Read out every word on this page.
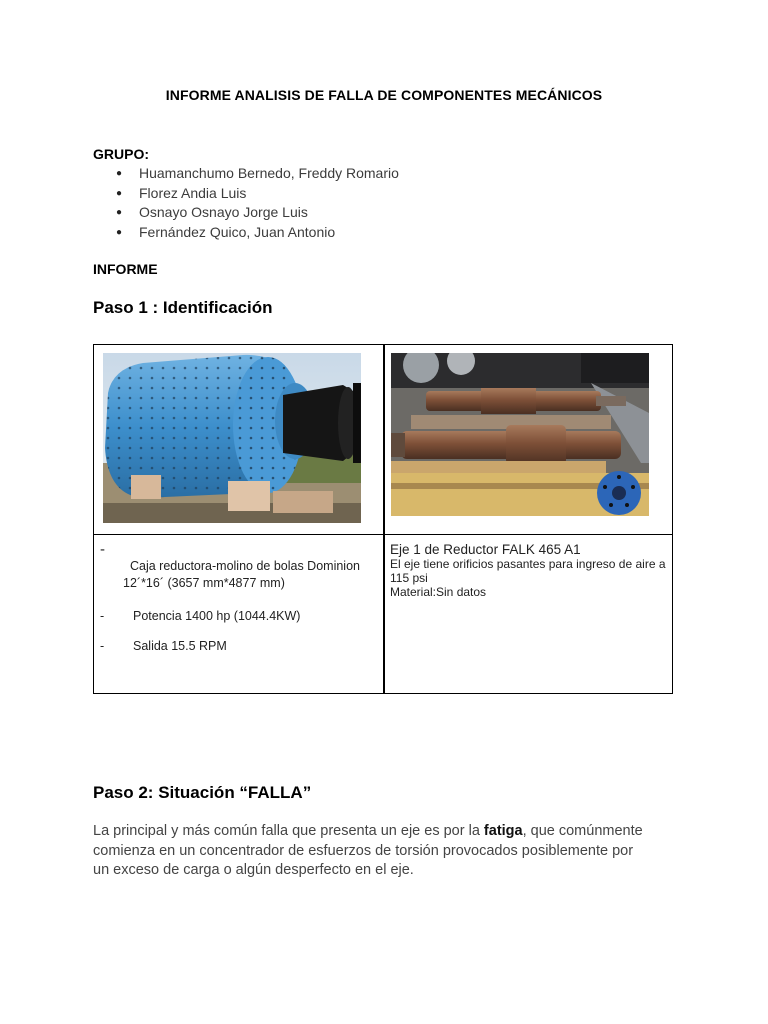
INFORME ANALISIS DE FALLA DE COMPONENTES MECÁNICOS
GRUPO:
● Huamanchumo Bernedo, Freddy Romario
● Florez Andia Luis
● Osnayo Osnayo Jorge Luis
● Fernández Quico, Juan Antonio
INFORME
Paso 1 : Identificación
-
Caja reductora-molino de bolas Dominion
12´*16´ (3657 mm*4877 mm)
- Potencia 1400 hp (1044.4KW)
- Salida 15.5 RPM
Eje 1 de Reductor FALK 465 A1
El eje tiene orificios pasantes para ingreso de aire a 115 psi
Material:Sin datos
Paso 2: Situación “FALLA”
La principal y más común falla que presenta un eje es por la fatiga, que comúnmente comienza en un concentrador de esfuerzos de torsión provocados posiblemente por un exceso de carga o algún desperfecto en el eje.
